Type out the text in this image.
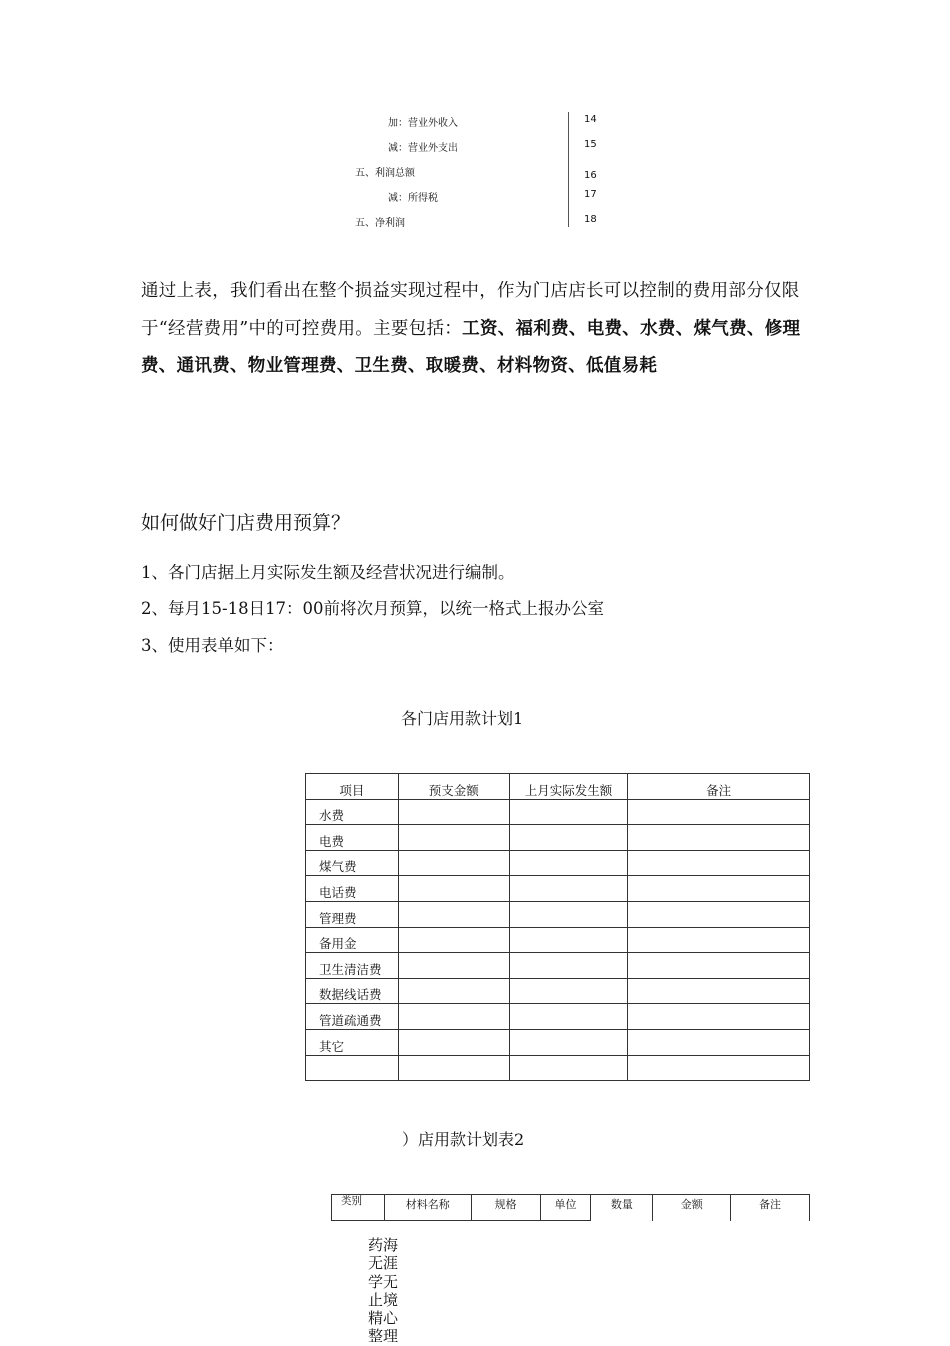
加：营业外收入	14
减：营业外支出	15
五、利润总额	16
减：所得税	17
五、净利润	18
通过上表，我们看出在整个损益实现过程中，作为门店店长可以控制的费用部分仅限于“经营费用”中的可控费用。主要包括：工资、福利费、电费、水费、煤气费、修理费、通讯费、物业管理费、卫生费、取暖费、材料物资、低值易耗
如何做好门店费用预算？
1、各门店据上月实际发生额及经营状况进行编制。
2、每月15-18日17：00前将次月预算，以统一格式上报办公室
3、使用表单如下：
各门店用款计划1
项目	预支金额	上月实际发生额	备注
水费			
电费			
煤气费			
电话费			
管理费			
备用金			
卫生清洁费			
数据线话费			
管道疏通费			
其它			

）店用款计划表2
类别	材料名称	规格	单位	数量	金额	备注
药海无涯学无止境精心整理
